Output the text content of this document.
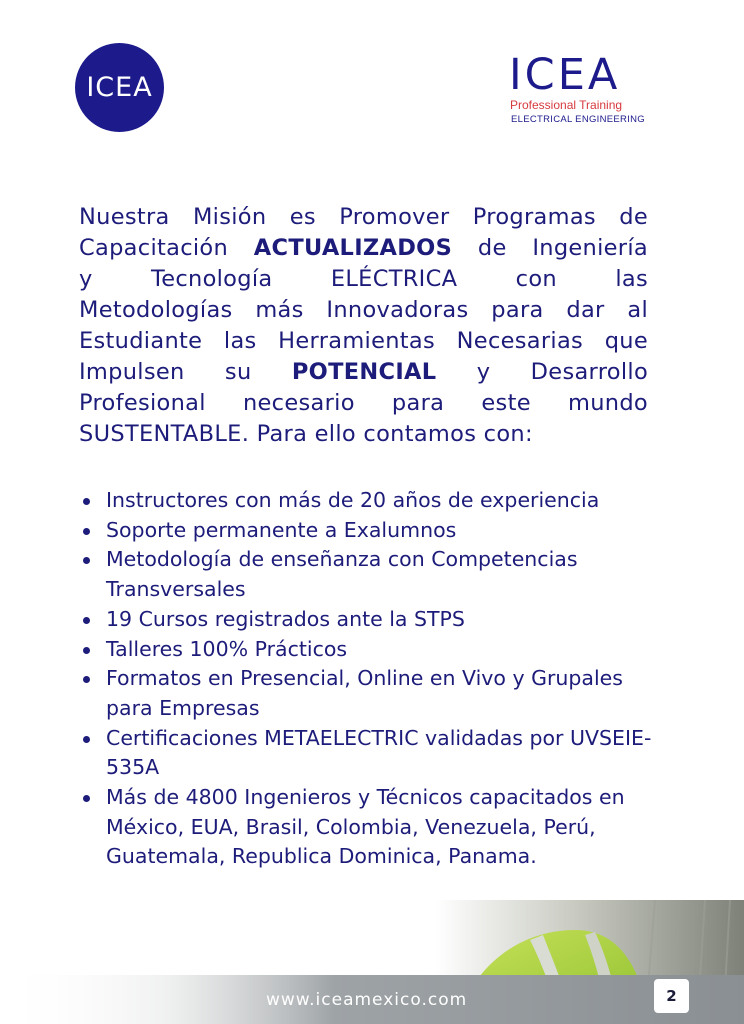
ICEA	ICEA
Professional Training
ELECTRICAL ENGINEERING
Nuestra Misión es Promover Programas de
Capacitación ACTUALIZADOS de Ingeniería
y Tecnología ELÉCTRICA con las
Metodologías más Innovadoras para dar al
Estudiante las Herramientas Necesarias que
Impulsen su POTENCIAL y Desarrollo
Profesional necesario para este mundo
SUSTENTABLE. Para ello contamos con:
Instructores con más de 20 años de experiencia
Soporte permanente a Exalumnos
Metodología de enseñanza con Competencias Transversales
19 Cursos registrados ante la STPS
Talleres 100% Prácticos
Formatos en Presencial, Online en Vivo y Grupales para Empresas
Certificaciones METAELECTRIC validadas por UVSEIE-535A
Más de 4800 Ingenieros y Técnicos capacitados en México, EUA, Brasil, Colombia, Venezuela, Perú, Guatemala, Republica Dominica, Panama.
www.iceamexico.com	2
